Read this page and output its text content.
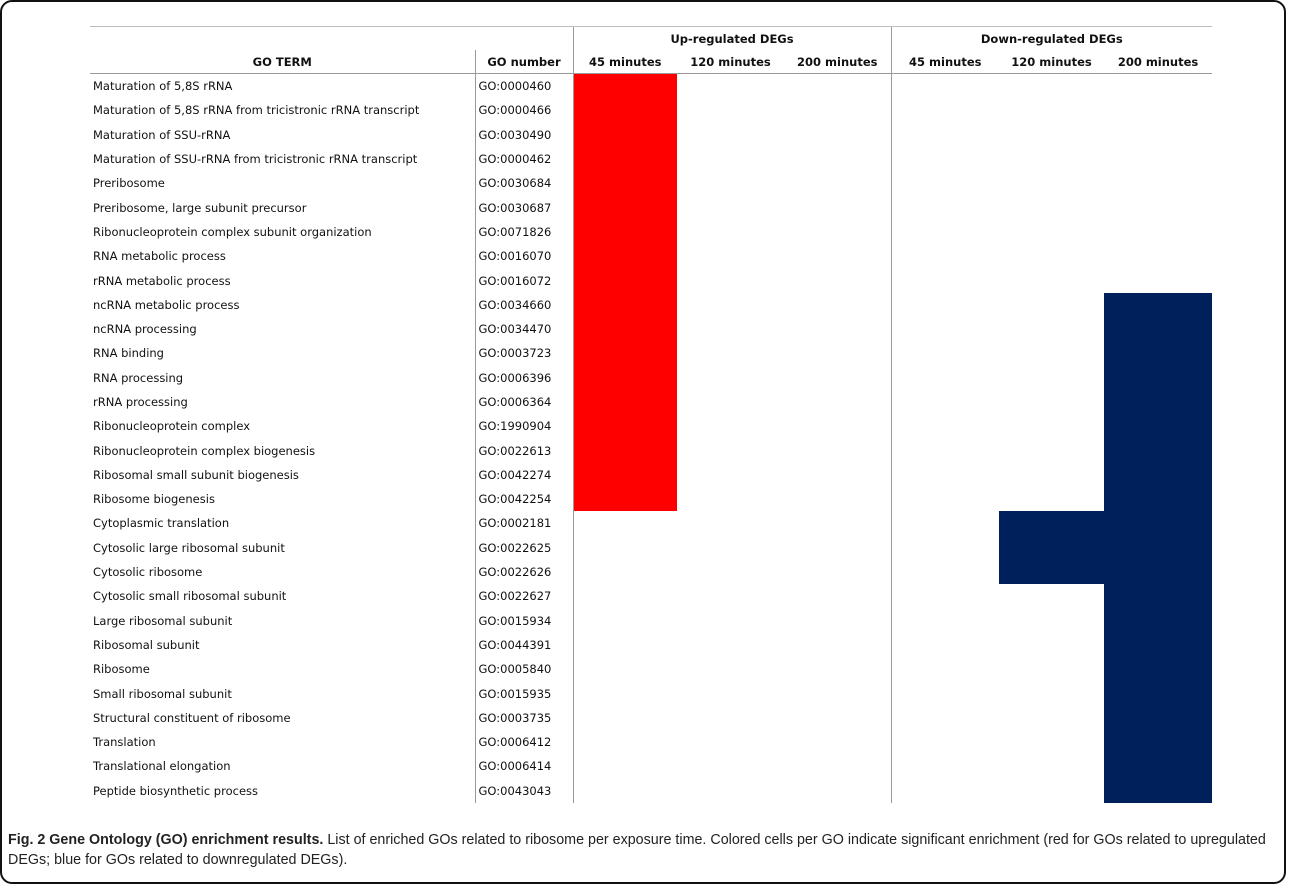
		Up-regulated DEGs			Down-regulated DEGs		
GO TERM	GO number	45 minutes	120 minutes	200 minutes	45 minutes	120 minutes	200 minutes
Maturation of 5,8S rRNA	GO:0000460						
Maturation of 5,8S rRNA from tricistronic rRNA transcript	GO:0000466						
Maturation of SSU-rRNA	GO:0030490						
Maturation of SSU-rRNA from tricistronic rRNA transcript	GO:0000462						
Preribosome	GO:0030684						
Preribosome, large subunit precursor	GO:0030687						
Ribonucleoprotein complex subunit organization	GO:0071826						
RNA metabolic process	GO:0016070						
rRNA metabolic process	GO:0016072						
ncRNA metabolic process	GO:0034660						
ncRNA processing	GO:0034470						
RNA binding	GO:0003723						
RNA processing	GO:0006396						
rRNA processing	GO:0006364						
Ribonucleoprotein complex	GO:1990904						
Ribonucleoprotein complex biogenesis	GO:0022613						
Ribosomal small subunit biogenesis	GO:0042274						
Ribosome biogenesis	GO:0042254						
Cytoplasmic translation	GO:0002181						
Cytosolic large ribosomal subunit	GO:0022625						
Cytosolic ribosome	GO:0022626						
Cytosolic small ribosomal subunit	GO:0022627						
Large ribosomal subunit	GO:0015934						
Ribosomal subunit	GO:0044391						
Ribosome	GO:0005840						
Small ribosomal subunit	GO:0015935						
Structural constituent of ribosome	GO:0003735						
Translation	GO:0006412						
Translational elongation	GO:0006414						
Peptide biosynthetic process	GO:0043043						
Fig. 2 Gene Ontology (GO) enrichment results. List of enriched GOs related to ribosome per exposure time. Colored cells per GO indicate significant enrichment (red for GOs related to upregulated DEGs; blue for GOs related to downregulated DEGs).
